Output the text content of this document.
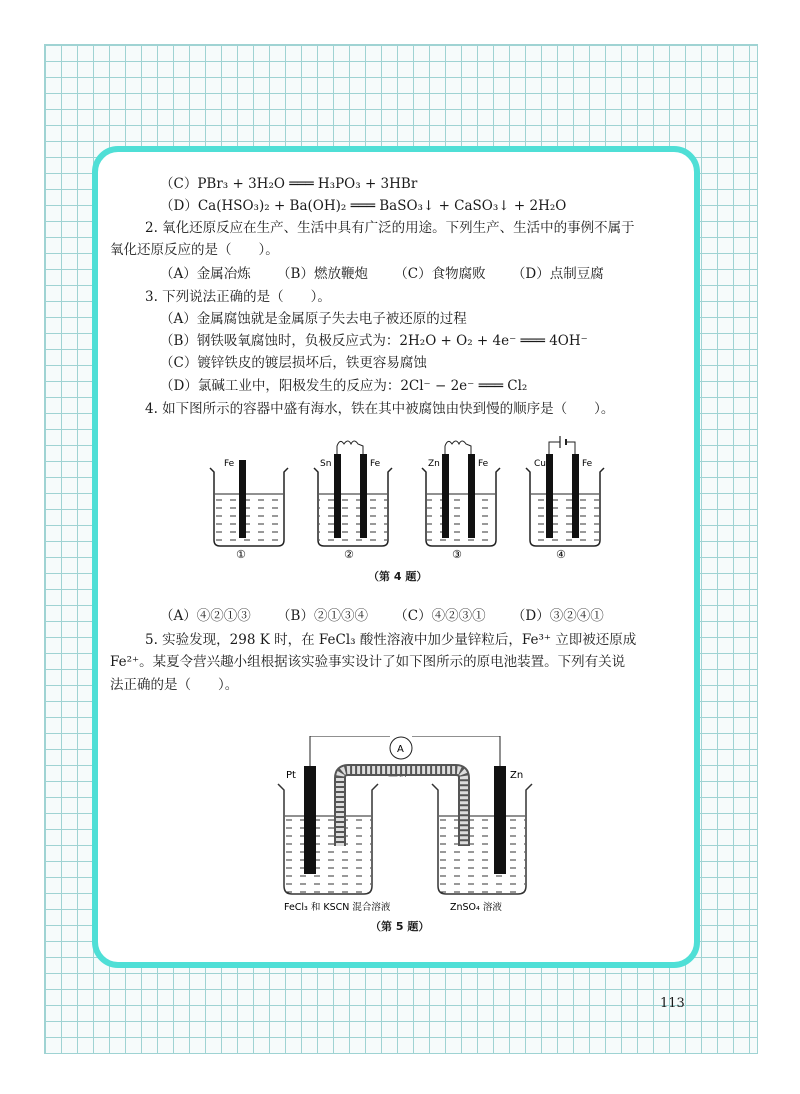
（C）PBr₃ + 3H₂O ═══ H₃PO₃ + 3HBr
（D）Ca(HSO₃)₂ + Ba(OH)₂ ═══ BaSO₃↓ + CaSO₃↓ + 2H₂O
2. 氧化还原反应在生产、生活中具有广泛的用途。下列生产、生活中的事例不属于
氧化还原反应的是（　　）。
（A）金属冶炼 （B）燃放鞭炮 （C）食物腐败 （D）点制豆腐
3. 下列说法正确的是（　　）。
（A）金属腐蚀就是金属原子失去电子被还原的过程
（B）钢铁吸氧腐蚀时，负极反应式为：2H₂O + O₂ + 4e⁻ ═══ 4OH⁻
（C）镀锌铁皮的镀层损坏后，铁更容易腐蚀
（D）氯碱工业中，阳极发生的反应为：2Cl⁻ − 2e⁻ ═══ Cl₂
4. 如下图所示的容器中盛有海水，铁在其中被腐蚀由快到慢的顺序是（　　）。
Fe
①
Sn	Fe
②
Zn	Fe
③
Cu	Fe
④
（第 4 题）
（A）④②①③ （B）②①③④ （C）④②③① （D）③②④①
5. 实验发现，298 K 时，在 FeCl₃ 酸性溶液中加少量锌粒后，Fe³⁺ 立即被还原成
Fe²⁺。某夏令营兴趣小组根据该实验事实设计了如下图所示的原电池装置。下列有关说
法正确的是（　　）。
A
盐桥
Pt	Zn
FeCl₃ 和 KSCN 混合溶液	ZnSO₄ 溶液
（第 5 题）
113
